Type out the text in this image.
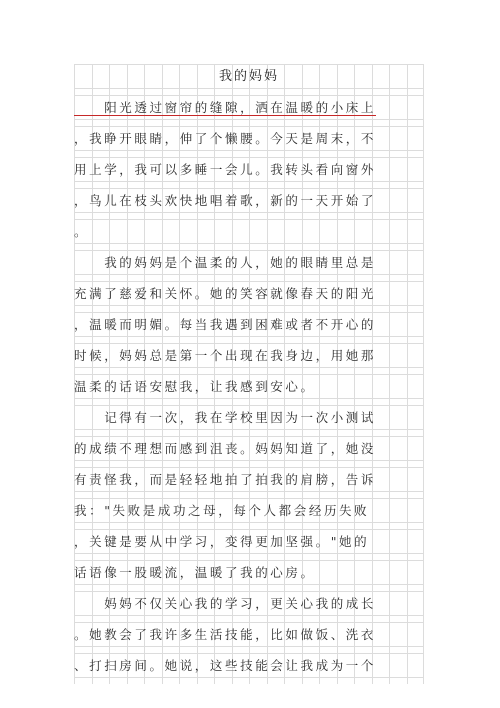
我的妈妈
　　阳光透过窗帘的缝隙，洒在温暖的小床上
，我睁开眼睛，伸了个懒腰。今天是周末，不
用上学，我可以多睡一会儿。我转头看向窗外
，鸟儿在枝头欢快地唱着歌，新的一天开始了
。
　　我的妈妈是个温柔的人，她的眼睛里总是
充满了慈爱和关怀。她的笑容就像春天的阳光
，温暖而明媚。每当我遇到困难或者不开心的
时候，妈妈总是第一个出现在我身边，用她那
温柔的话语安慰我，让我感到安心。
　　记得有一次，我在学校里因为一次小测试
的成绩不理想而感到沮丧。妈妈知道了，她没
有责怪我，而是轻轻地拍了拍我的肩膀，告诉
我："失败是成功之母，每个人都会经历失败
，关键是要从中学习，变得更加坚强。"她的
话语像一股暖流，温暖了我的心房。
　　妈妈不仅关心我的学习，更关心我的成长
。她教会了我许多生活技能，比如做饭、洗衣
、打扫房间。她说，这些技能会让我成为一个
